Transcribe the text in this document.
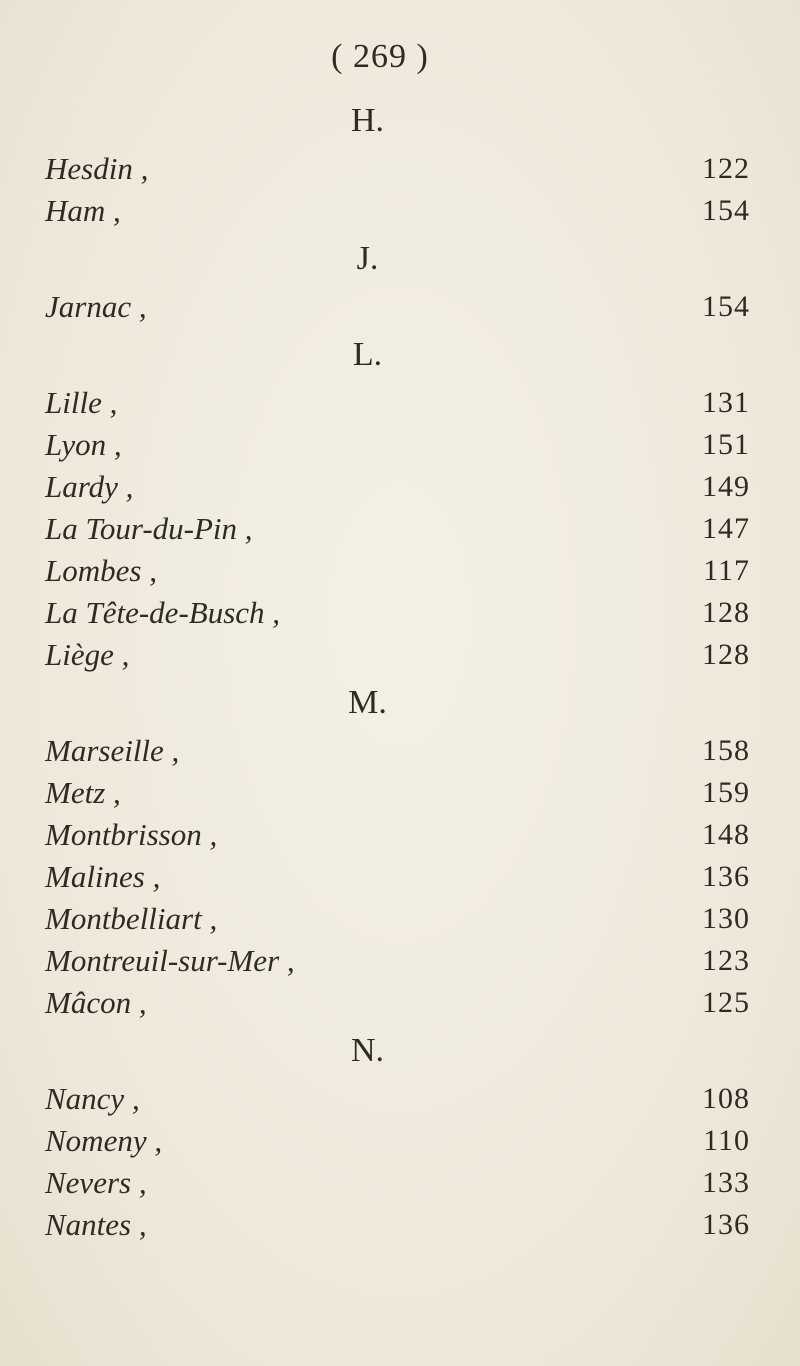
( 269 )
H.
Hesdin ,	122
Ham ,	154
J.
Jarnac ,	154
L.
Lille ,	131
Lyon ,	151
Lardy ,	149
La Tour-du-Pin ,	147
Lombes ,	117
La Tête-de-Busch ,	128
Liège ,	128
M.
Marseille ,	158
Metz ,	159
Montbrisson ,	148
Malines ,	136
Montbelliart ,	130
Montreuil-sur-Mer ,	123
Mâcon ,	125
N.
Nancy ,	108
Nomeny ,	110
Nevers ,	133
Nantes ,	136
